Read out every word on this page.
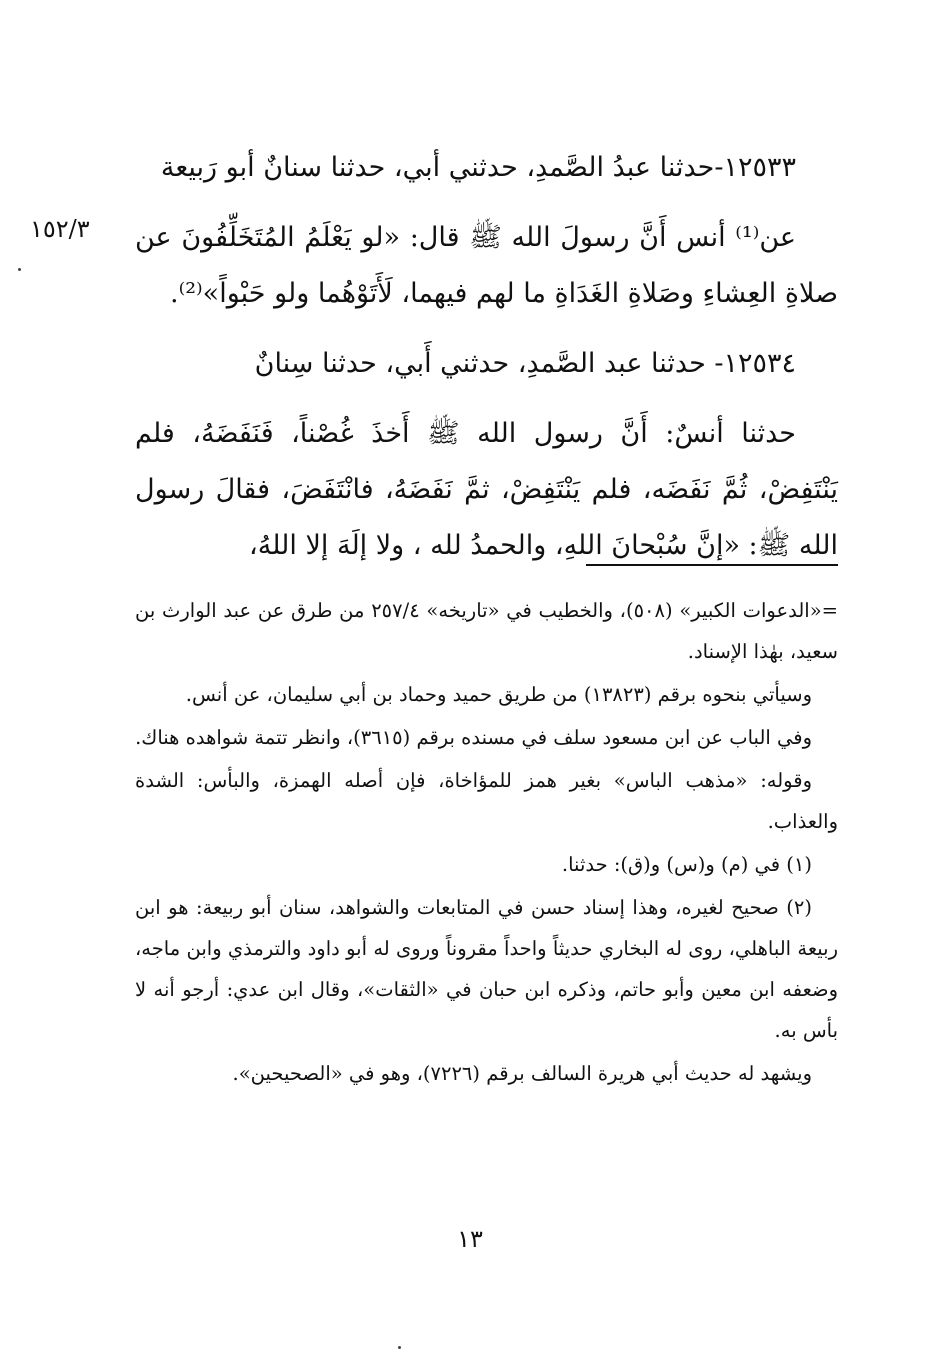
١٥٢/٣

١٢٥٣٣-حدثنا عبدُ الصَّمدِ، حدثني أبي، حدثنا سنانٌ أبو رَبيعة

عن⁽¹⁾ أنس أَنَّ رسولَ الله ﷺ قال: «لو يَعْلَمُ المُتَخَلِّفُونَ عن صلاةِ العِشاءِ وصَلاةِ الغَدَاةِ ما لهم فيهما، لَأَتَوْهُما ولو حَبْواً»⁽²⁾.

١٢٥٣٤- حدثنا عبد الصَّمدِ، حدثني أَبي، حدثنا سِنانٌ

حدثنا أنسٌ: أَنَّ رسول الله ﷺ أَخذَ غُصْناً، فَنَفَضَهُ، فلم يَنْتَفِضْ، ثُمَّ نَفَضَه، فلم يَنْتَفِضْ، ثمَّ نَفَضَهُ، فانْتَفَضَ، فقالَ رسول الله ﷺ: «إنَّ سُبْحانَ اللهِ، والحمدُ لله ، ولا إلَهَ إلا اللهُ،

=«الدعوات الكبير» (٥٠٨)، والخطيب في «تاريخه» ٢٥٧/٤ من طرق عن عبد الوارث بن سعيد، بهٰذا الإسناد.

وسيأتي بنحوه برقم (١٣٨٢٣) من طريق حميد وحماد بن أبي سليمان، عن أنس.

وفي الباب عن ابن مسعود سلف في مسنده برقم (٣٦١٥)، وانظر تتمة شواهده هناك.

وقوله: «مذهب الباس» بغير همز للمؤاخاة، فإن أصله الهمزة، والبأس: الشدة والعذاب.

(١) في (م) و(س) و(ق): حدثنا.

(٢) صحيح لغيره، وهذا إسناد حسن في المتابعات والشواهد، سنان أبو ربيعة: هو ابن ربيعة الباهلي، روى له البخاري حديثاً واحداً مقروناً وروى له أبو داود والترمذي وابن ماجه، وضعفه ابن معين وأبو حاتم، وذكره ابن حبان في «الثقات»، وقال ابن عدي: أرجو أنه لا بأس به.

ويشهد له حديث أبي هريرة السالف برقم (٧٢٢٦)، وهو في «الصحيحين».

١٣
